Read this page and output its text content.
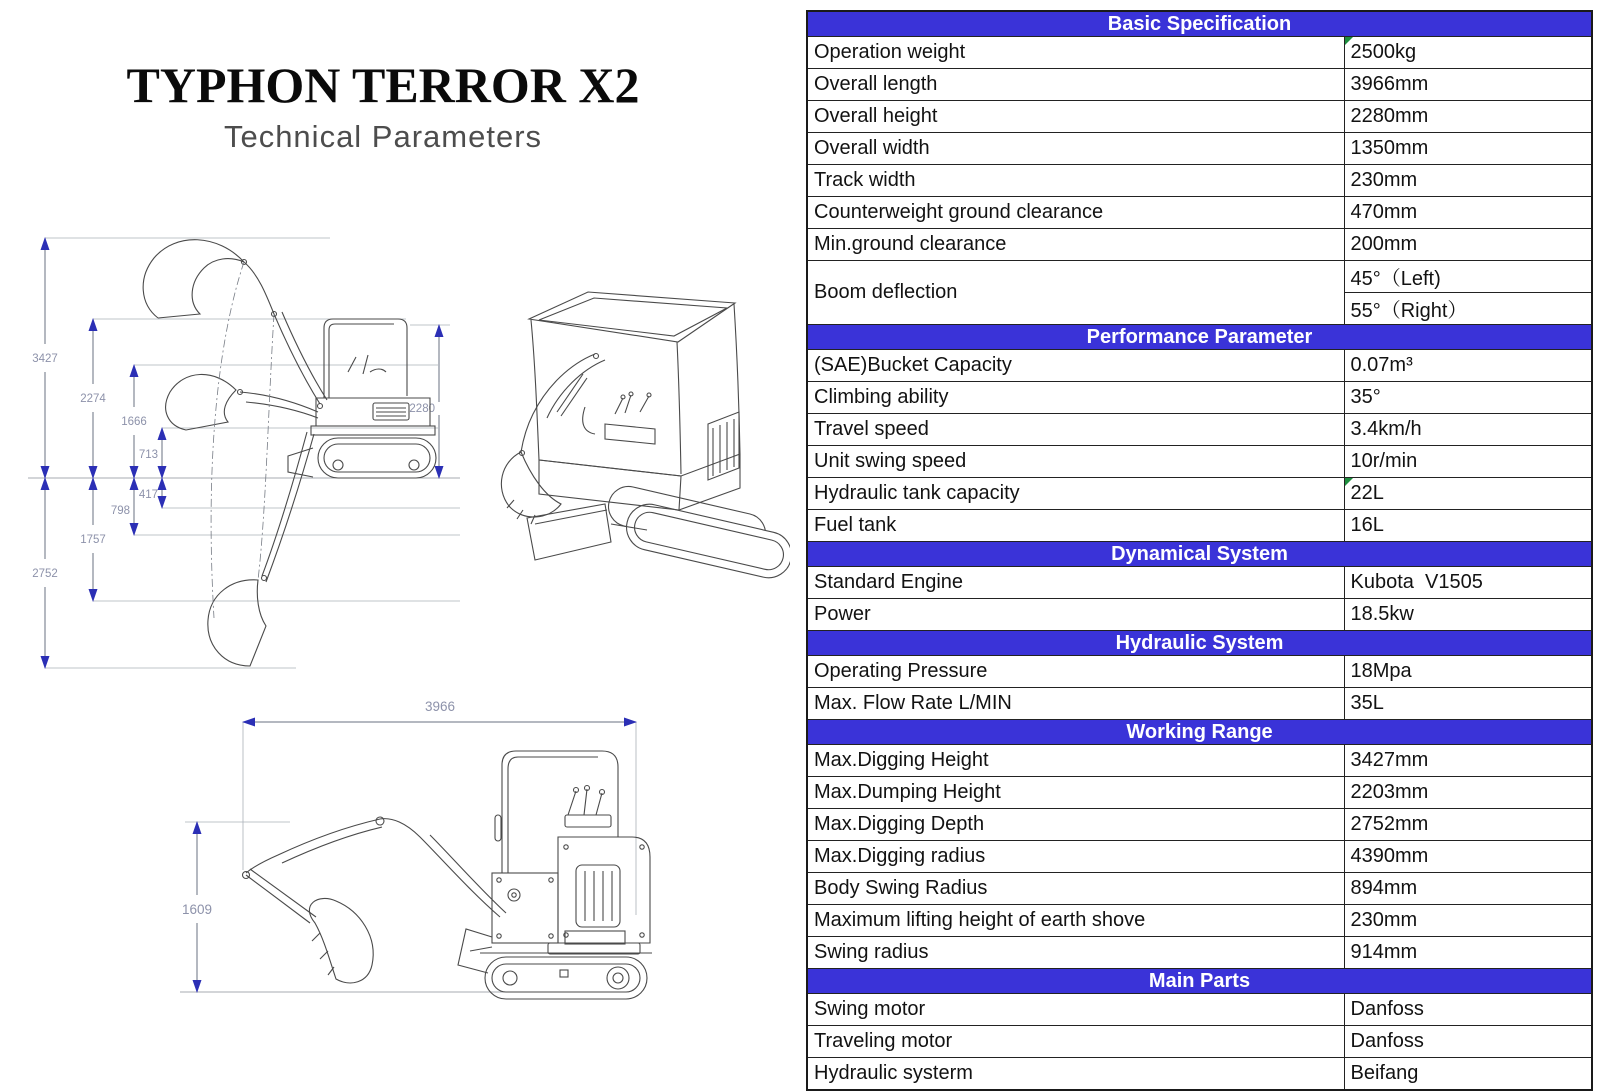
TYPHON TERROR X2
Technical Parameters
3427
2274
1666
713
417
798
1757
2752
2280
3966
1609
Basic Specification	
Operation weight	2500kg
Overall length	3966mm
Overall height	2280mm
Overall width	1350mm
Track width	230mm
Counterweight ground clearance	470mm
Min.ground clearance	200mm
Boom deflection	45°（Left)
	55°（Right）
Performance Parameter	
(SAE)Bucket Capacity	0.07m³
Climbing ability	35°
Travel speed	3.4km/h
Unit swing speed	10r/min
Hydraulic tank capacity	22L
Fuel tank	16L
Dynamical System	
Standard Engine	Kubota  V1505
Power	18.5kw
Hydraulic System	
Operating Pressure	18Mpa
Max. Flow Rate L/MIN	35L
Working Range	
Max.Digging Height	3427mm
Max.Dumping Height	2203mm
Max.Digging Depth	2752mm
Max.Digging radius	4390mm
Body Swing Radius	894mm
Maximum lifting height of earth shove	230mm
Swing radius	914mm
Main Parts	
Swing motor	Danfoss
Traveling motor	Danfoss
Hydraulic systerm	Beifang
